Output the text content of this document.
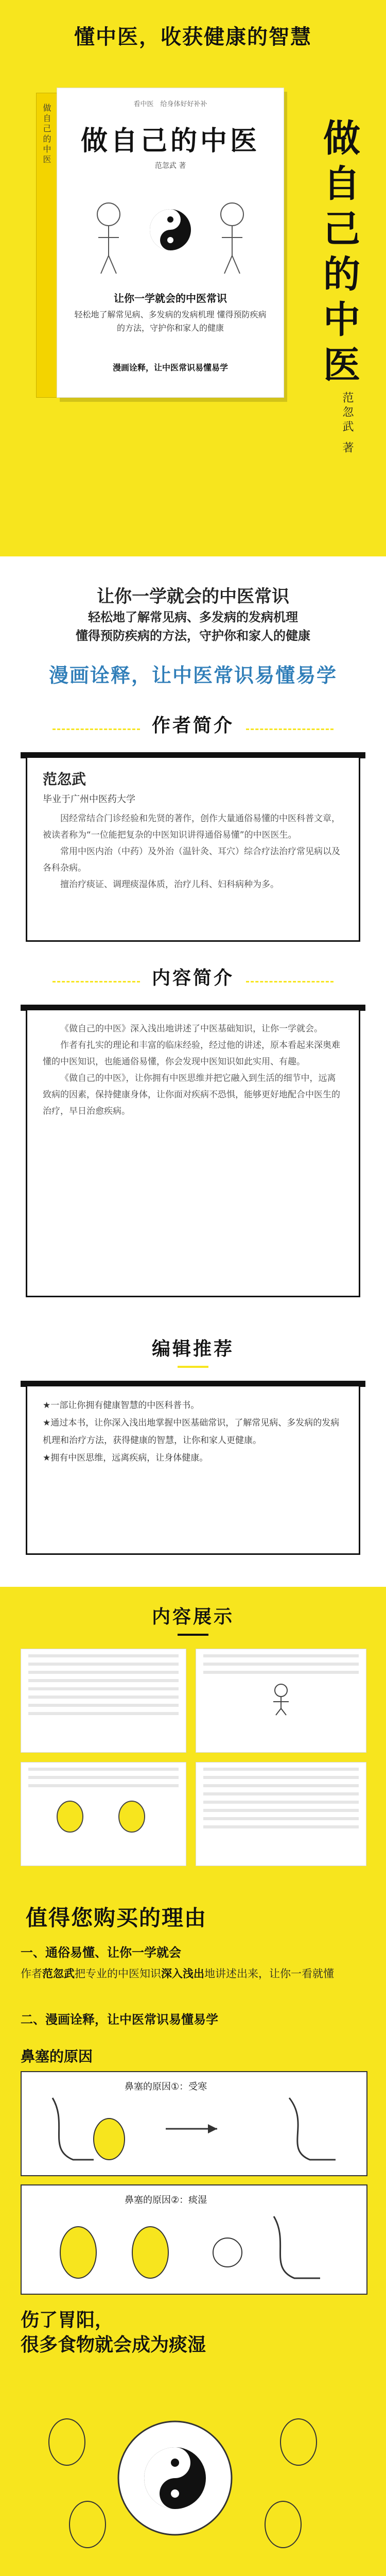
懂中医，收获健康的智慧
做自己的中医	看中医　给身体好好补补
做自己的中医
范忽武 著
让你一学就会的中医常识
轻松地了解常见病、多发病的发病机理 懂得预防疾病的方法，守护你和家人的健康
漫画诠释，让中医常识易懂易学	做自己的中医
范忽武 著
让你一学就会的中医常识
轻松地了解常见病、多发病的发病机理
懂得预防疾病的方法，守护你和家人的健康
漫画诠释，让中医常识易懂易学
作者简介
范忽武
毕业于广州中医药大学

因经常结合门诊经验和先贤的著作，创作大量通俗易懂的中医科普文章，被读者称为“一位能把复杂的中医知识讲得通俗易懂”的中医医生。

常用中医内治（中药）及外治（温针灸、耳穴）综合疗法治疗常见病以及各科杂病。

擅治疗痰证、调理痰湿体质，治疗儿科、妇科病种为多。

内容简介

《做自己的中医》深入浅出地讲述了中医基础知识，让你一学就会。

作者有扎实的理论和丰富的临床经验，经过他的讲述，原本看起来深奥难懂的中医知识，也能通俗易懂，你会发现中医知识如此实用、有趣。

《做自己的中医》，让你拥有中医思维并把它融入到生活的细节中，远离致病的因素，保持健康身体，让你面对疾病不恐惧，能够更好地配合中医生的治疗，早日治愈疾病。

编辑推荐
★一部让你拥有健康智慧的中医科普书。
★通过本书，让你深入浅出地掌握中医基础常识，了解常见病、多发病的发病机理和治疗方法，获得健康的智慧，让你和家人更健康。
★拥有中医思维，远离疾病，让身体健康。
内容展示
值得您购买的理由
一、通俗易懂、让你一学就会
作者范忽武把专业的中医知识深入浅出地讲述出来，让你一看就懂
二、漫画诠释，让中医常识易懂易学
鼻塞的原因
鼻塞的原因①：受寒
鼻塞的原因②：痰湿
伤了胃阳，
很多食物就会成为痰湿
